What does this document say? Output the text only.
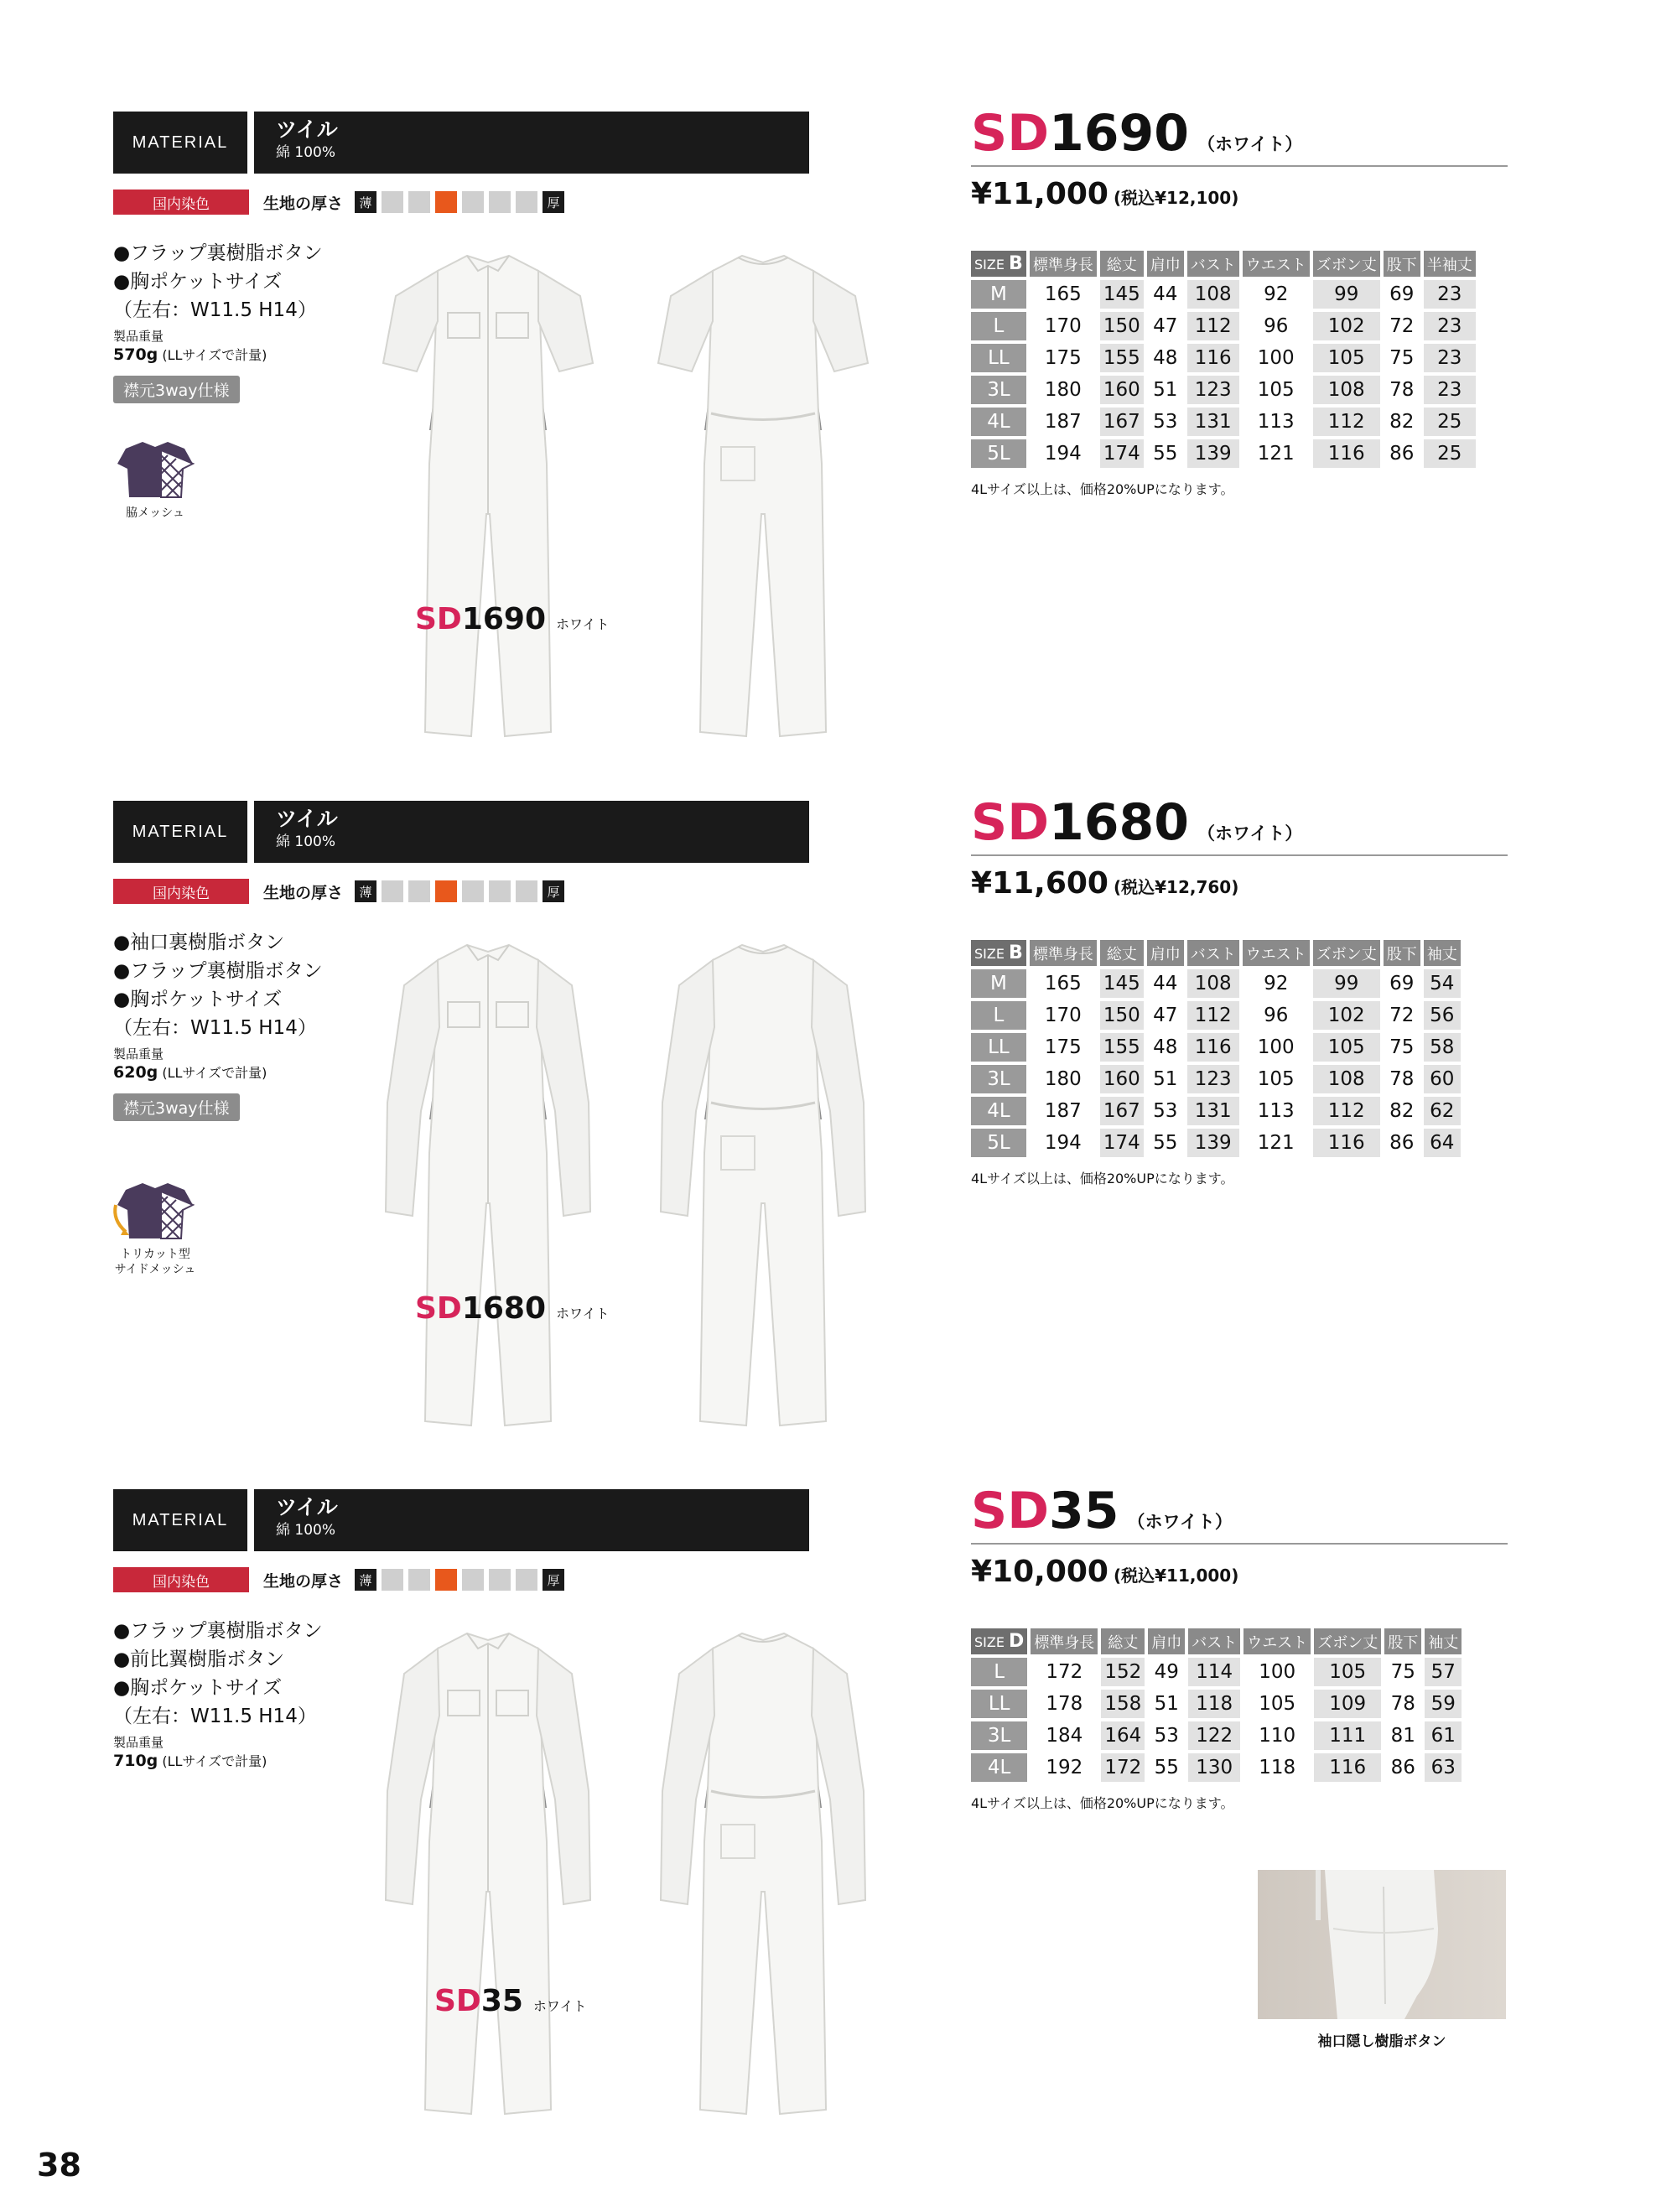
MATERIAL
ツイル
綿 100%
国内染色	生地の厚さ	薄	厚
●フラップ裏樹脂ボタン
●胸ポケットサイズ
（左右：W11.5 H14）
製品重量
570g (LLサイズで計量)
襟元3way仕様
脇メッシュ
SD1690 ホワイト
SD1690 （ホワイト）
¥11,000 (税込¥12,100)
SIZE B	標準身長	総丈	肩巾	バスト	ウエスト	ズボン丈	股下	半袖丈
M	165	145	44	108	92	99	69	23
L	170	150	47	112	96	102	72	23
LL	175	155	48	116	100	105	75	23
3L	180	160	51	123	105	108	78	23
4L	187	167	53	131	113	112	82	25
5L	194	174	55	139	121	116	86	25
4Lサイズ以上は、価格20%UPになります。
MATERIAL
ツイル
綿 100%
国内染色	生地の厚さ	薄	厚
●袖口裏樹脂ボタン
●フラップ裏樹脂ボタン
●胸ポケットサイズ
（左右：W11.5 H14）
製品重量
620g (LLサイズで計量)
襟元3way仕様
トリカット型
サイドメッシュ
SD1680 ホワイト
SD1680 （ホワイト）
¥11,600 (税込¥12,760)
SIZE B	標準身長	総丈	肩巾	バスト	ウエスト	ズボン丈	股下	袖丈
M	165	145	44	108	92	99	69	54
L	170	150	47	112	96	102	72	56
LL	175	155	48	116	100	105	75	58
3L	180	160	51	123	105	108	78	60
4L	187	167	53	131	113	112	82	62
5L	194	174	55	139	121	116	86	64
4Lサイズ以上は、価格20%UPになります。
MATERIAL
ツイル
綿 100%
国内染色	生地の厚さ	薄	厚
●フラップ裏樹脂ボタン
●前比翼樹脂ボタン
●胸ポケットサイズ
（左右：W11.5 H14）
製品重量
710g (LLサイズで計量)
SD35 ホワイト
SD35 （ホワイト）
¥10,000 (税込¥11,000)
SIZE D	標準身長	総丈	肩巾	バスト	ウエスト	ズボン丈	股下	袖丈
L	172	152	49	114	100	105	75	57
LL	178	158	51	118	105	109	78	59
3L	184	164	53	122	110	111	81	61
4L	192	172	55	130	118	116	86	63
4Lサイズ以上は、価格20%UPになります。
袖口隠し樹脂ボタン
38
